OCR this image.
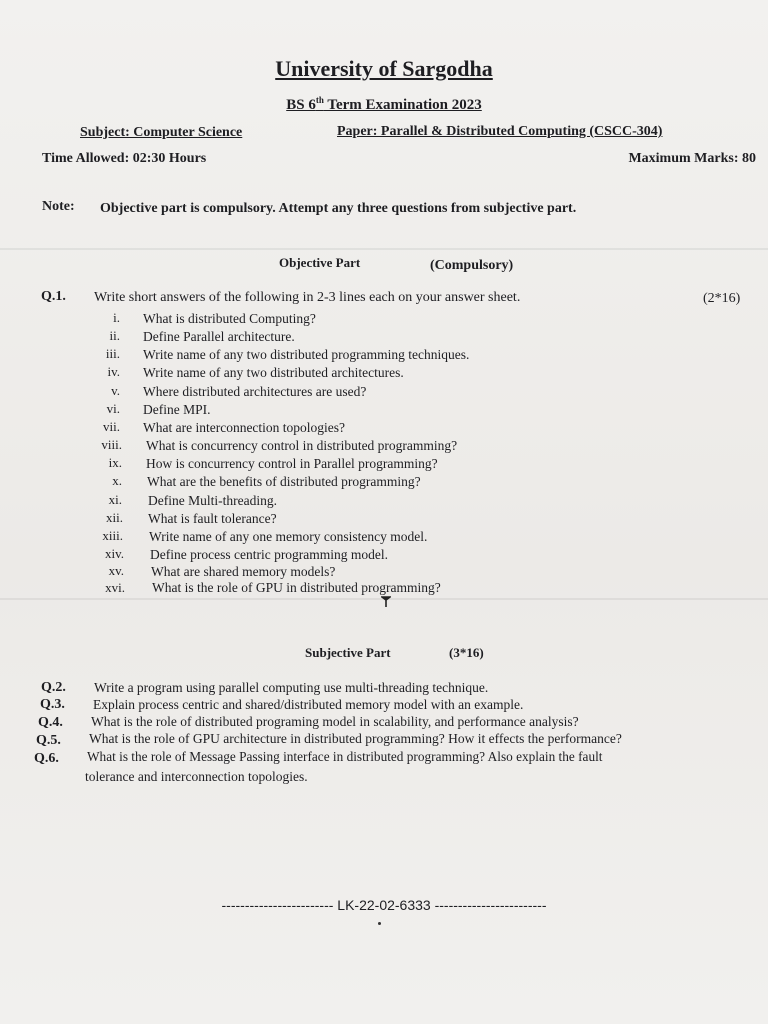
University of Sargodha
BS 6th Term Examination 2023
Subject: Computer Science	Paper: Parallel & Distributed Computing (CSCC-304)
Time Allowed: 02:30 Hours	Maximum Marks: 80
Note: Objective part is compulsory. Attempt any three questions from subjective part.
Objective Part	(Compulsory)
Q.1. Write short answers of the following in 2-3 lines each on your answer sheet.	(2*16)
i. What is distributed Computing?
ii. Define Parallel architecture.
iii. Write name of any two distributed programming techniques.
iv. Write name of any two distributed architectures.
v. Where distributed architectures are used?
vi. Define MPI.
vii. What are interconnection topologies?
viii. What is concurrency control in distributed programming?
ix. How is concurrency control in Parallel programming?
x. What are the benefits of distributed programming?
xi. Define Multi-threading.
xii. What is fault tolerance?
xiii. Write name of any one memory consistency model.
xiv. Define process centric programming model.
xv. What are shared memory models?
xvi. What is the role of GPU in distributed programming?
Subjective Part	(3*16)
Q.2. Write a program using parallel computing use multi-threading technique.
Q.3. Explain process centric and shared/distributed memory model with an example.
Q.4. What is the role of distributed programing model in scalability, and performance analysis?
Q.5. What is the role of GPU architecture in distributed programming? How it effects the performance?
Q.6. What is the role of Message Passing interface in distributed programming? Also explain the fault
tolerance and interconnection topologies.
------------------------ LK-22-02-6333 ------------------------
